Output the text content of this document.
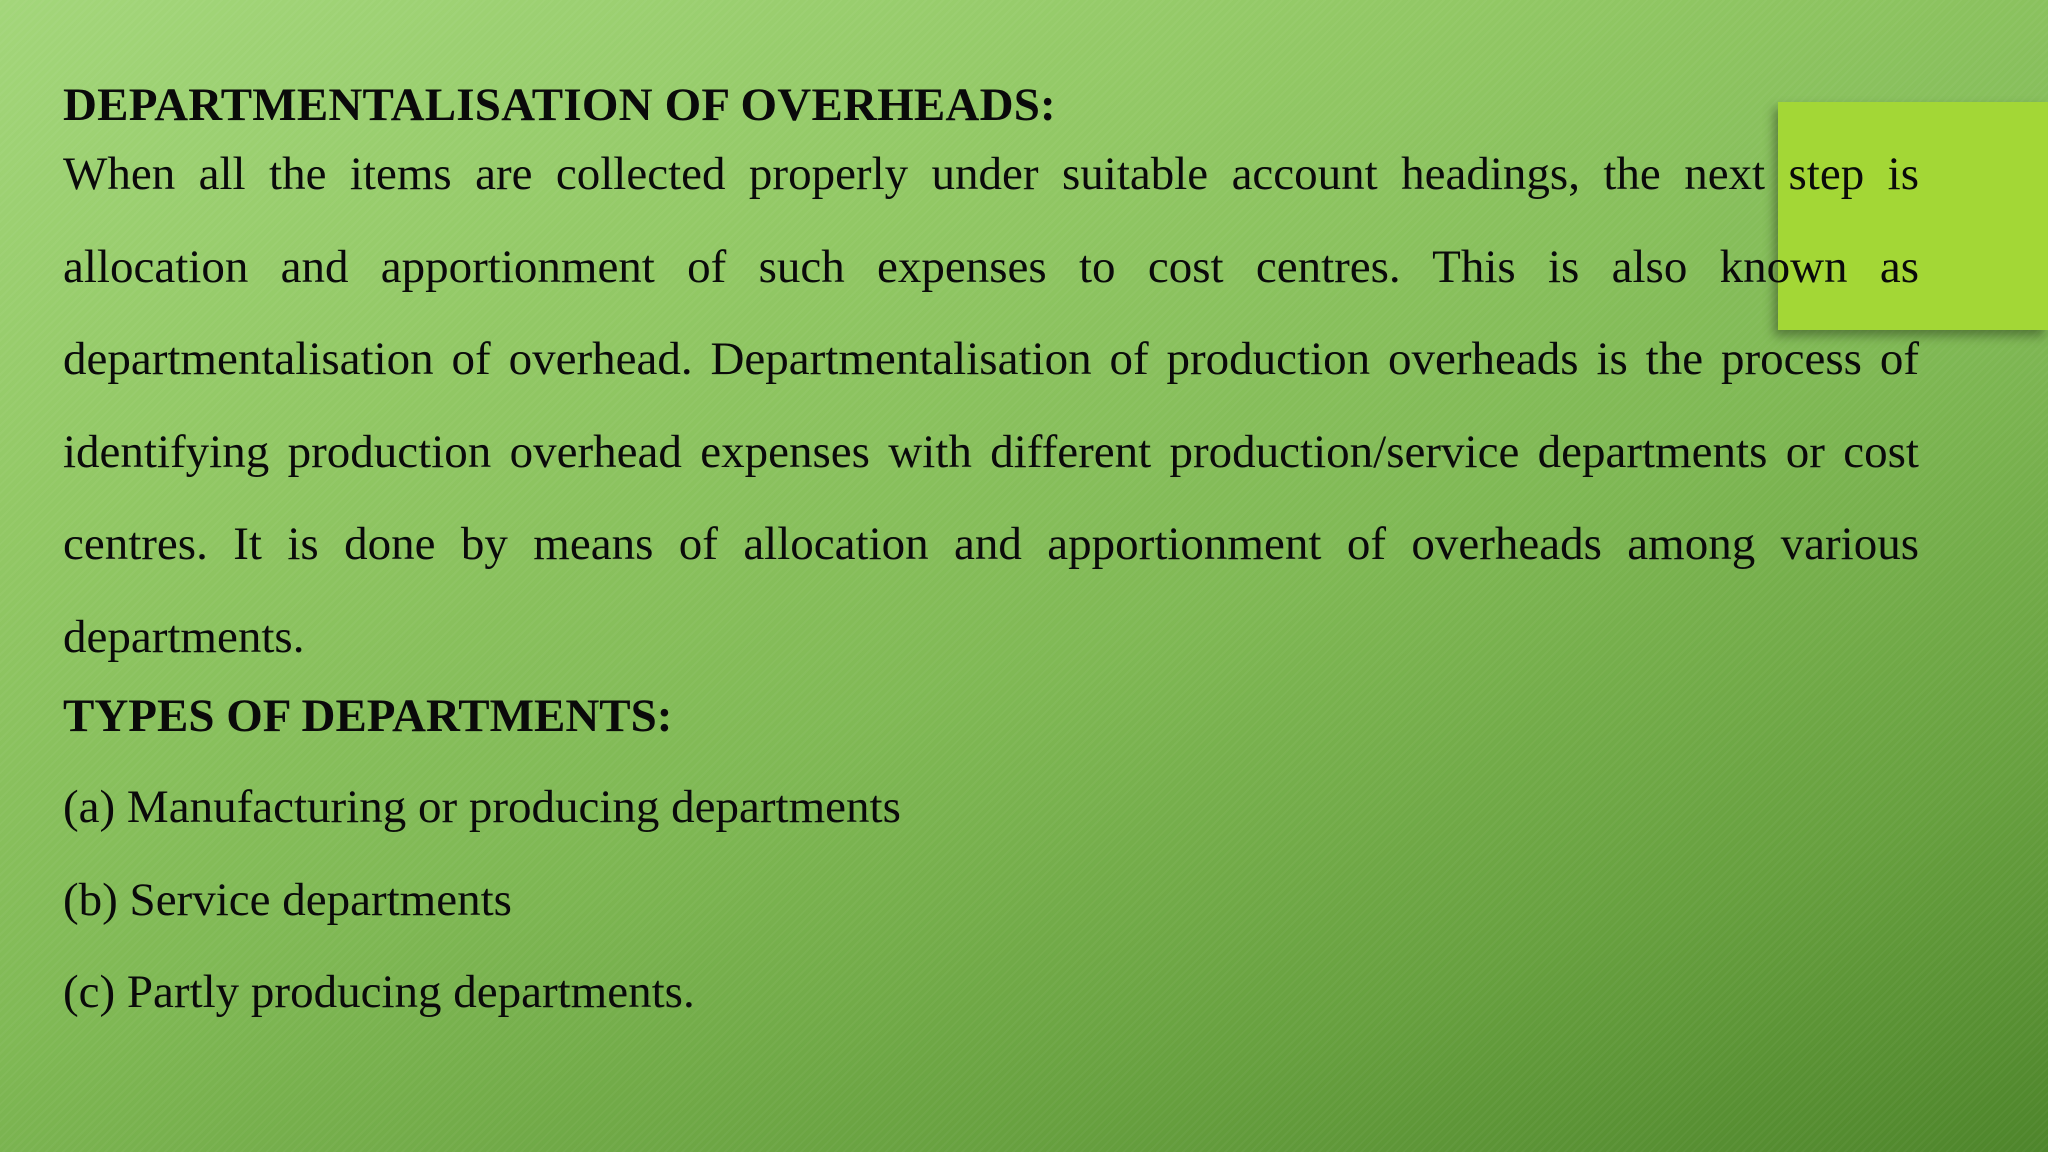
DEPARTMENTALISATION OF OVERHEADS:

When all the items are collected properly under suitable account headings, the next step is allocation and apportionment of such expenses to cost centres. This is also known as departmentalisation of overhead. Departmentalisation of production overheads is the process of identifying production overhead expenses with different production/service departments or cost centres. It is done by means of allocation and apportionment of overheads among various departments.

TYPES OF DEPARTMENTS:
(a) Manufacturing or producing departments
(b) Service departments
(c) Partly producing departments.
